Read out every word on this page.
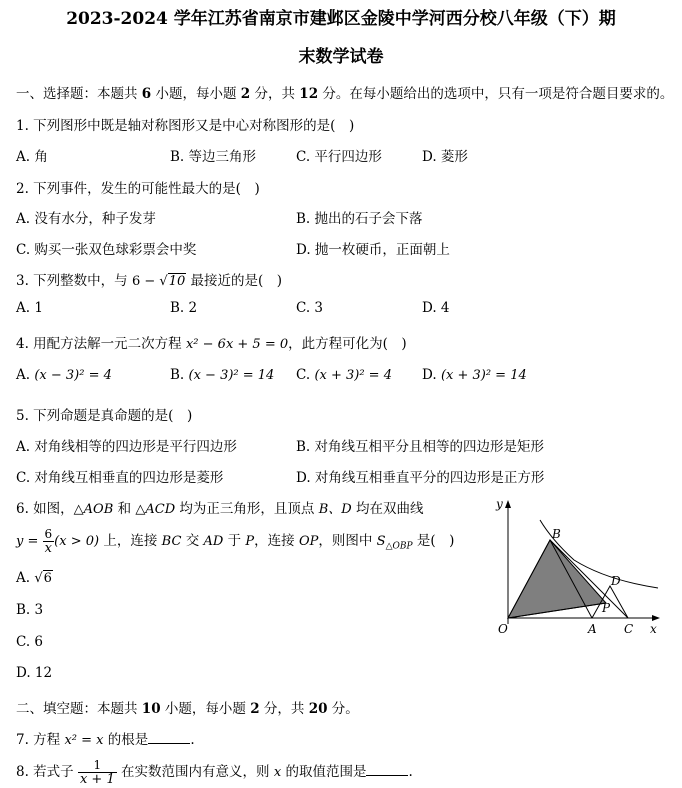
2023-2024 学年江苏省南京市建邺区金陵中学河西分校八年级（下）期
末数学试卷
一、选择题：本题共 6 小题，每小题 2 分，共 12 分。在每小题给出的选项中，只有一项是符合题目要求的。
1. 下列图形中既是轴对称图形又是中心对称图形的是(　)
A. 角	B. 等边三角形	C. 平行四边形	D. 菱形
2. 下列事件，发生的可能性最大的是(　)
A. 没有水分，种子发芽	B. 抛出的石子会下落
C. 购买一张双色球彩票会中奖	D. 抛一枚硬币，正面朝上
3. 下列整数中，与 6 − √10 最接近的是(　)
A. 1	B. 2	C. 3	D. 4
4. 用配方法解一元二次方程 x² − 6x + 5 = 0，此方程可化为(　)
A. (x − 3)² = 4	B. (x − 3)² = 14 C. (x + 3)² = 4 D. (x + 3)² = 14
5. 下列命题是真命题的是(　)
A. 对角线相等的四边形是平行四边形	B. 对角线互相平分且相等的四边形是矩形
C. 对角线互相垂直的四边形是菱形	D. 对角线互相垂直平分的四边形是正方形
6. 如图，△AOB 和 △ACD 均为正三角形，且顶点 B、D 均在双曲线
$y = \frac{6}{x} (x > 0)$ 上，连接 BC 交 AD 于 P，连接 OP，则图中 $S_{\triangle OBP}$ 是(　)
A. √6
B. 3
C. 6
D. 12
y
B
D
P
O	A C x
二、填空题：本题共 10 小题，每小题 2 分，共 20 分。
7. 方程 x² = x 的根是	.
8. 若式子 $\frac{1}{x + 1}$ 在实数范围内有意义，则 x 的取值范围是	.
